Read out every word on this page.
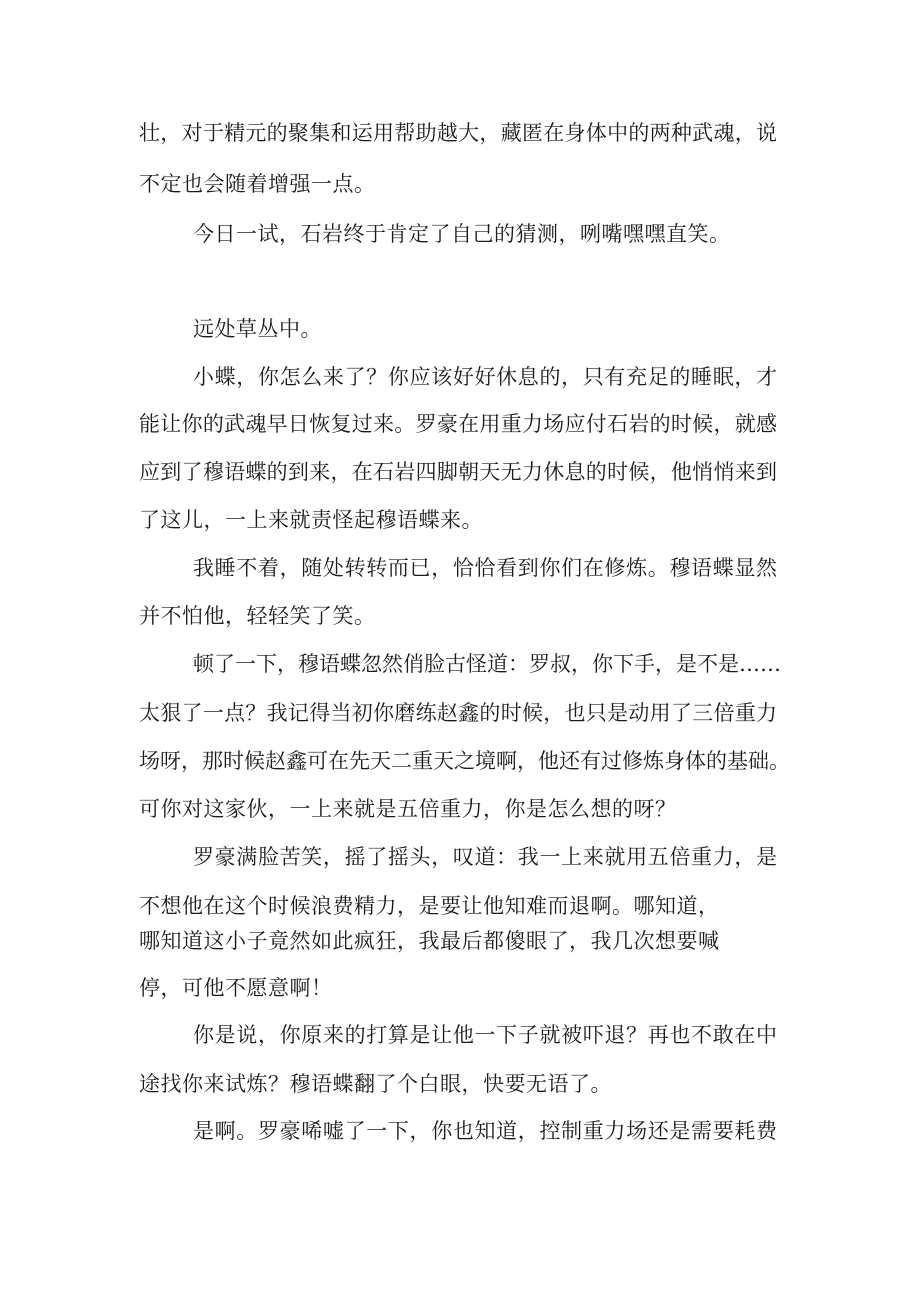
壮，对于精元的聚集和运用帮助越大，藏匿在身体中的两种武魂，说
不定也会随着增强一点。
今日一试，石岩终于肯定了自己的猜测，咧嘴嘿嘿直笑。
远处草丛中。
小蝶，你怎么来了？你应该好好休息的，只有充足的睡眠，才
能让你的武魂早日恢复过来。罗豪在用重力场应付石岩的时候，就感
应到了穆语蝶的到来，在石岩四脚朝天无力休息的时候，他悄悄来到
了这儿，一上来就责怪起穆语蝶来。
我睡不着，随处转转而已，恰恰看到你们在修炼。穆语蝶显然
并不怕他，轻轻笑了笑。
顿了一下，穆语蝶忽然俏脸古怪道：罗叔，你下手，是不是……
太狠了一点？我记得当初你磨练赵鑫的时候，也只是动用了三倍重力
场呀，那时候赵鑫可在先天二重天之境啊，他还有过修炼身体的基础。
可你对这家伙，一上来就是五倍重力，你是怎么想的呀？
罗豪满脸苦笑，摇了摇头，叹道：我一上来就用五倍重力，是
不想他在这个时候浪费精力，是要让他知难而退啊。哪知道，
哪知道这小子竟然如此疯狂，我最后都傻眼了，我几次想要喊
停，可他不愿意啊！
你是说，你原来的打算是让他一下子就被吓退？再也不敢在中
途找你来试炼？穆语蝶翻了个白眼，快要无语了。
是啊。罗豪唏嘘了一下，你也知道，控制重力场还是需要耗费
